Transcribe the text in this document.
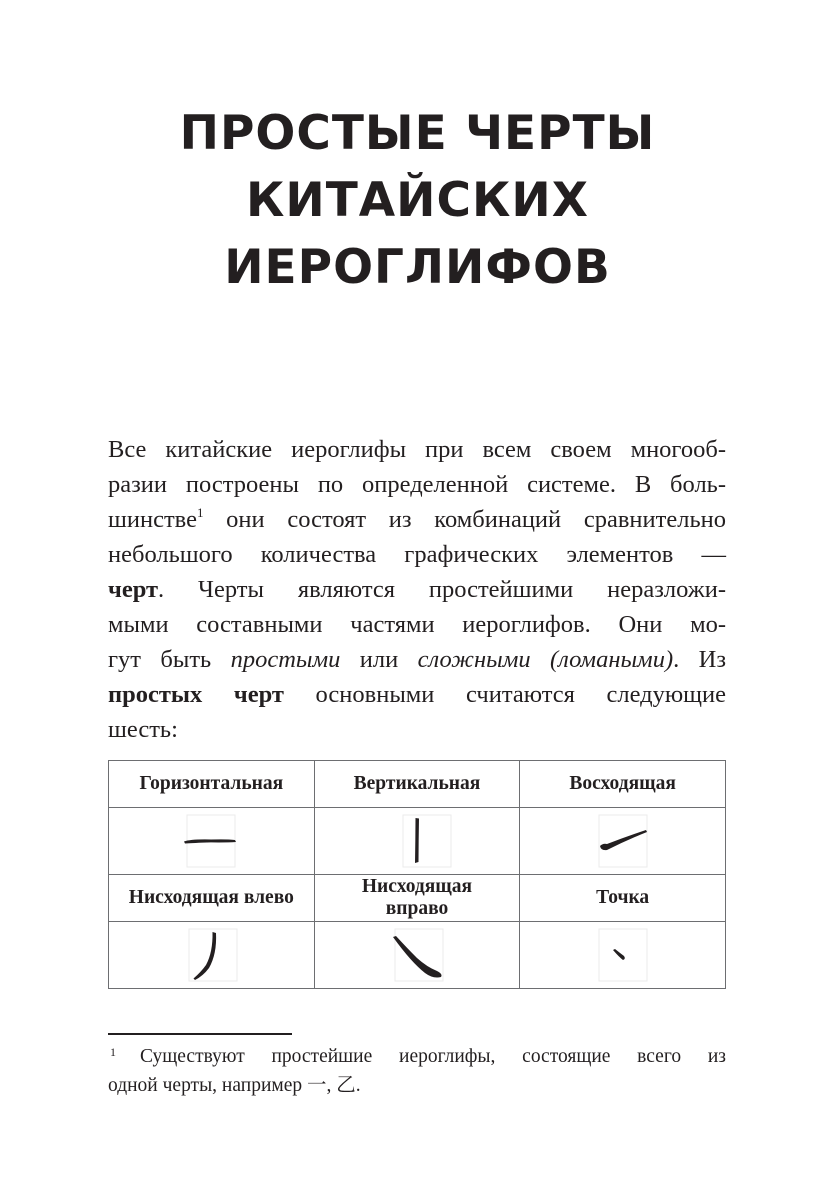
ПРОСТЫЕ ЧЕРТЫ
КИТАЙСКИХ
ИЕРОГЛИФОВ
Все китайские иероглифы при всем своем многооб-
разии построены по определенной системе. В боль-
шинстве$^1$ они состоят из комбинаций сравнительно
небольшого количества графических элементов —
черт. Черты являются простейшими неразложи-
мыми составными частями иероглифов. Они мо-
гут быть простыми или сложными (ломаными). Из
простых черт основными считаются следующие
шесть:
Горизонтальная	Вертикальная	Восходящая

Нисходящая влево	Нисходящая вправо	Точка

$^1$ Существуют простейшие иероглифы, состоящие всего из
одной черты, например 一, 乙.
